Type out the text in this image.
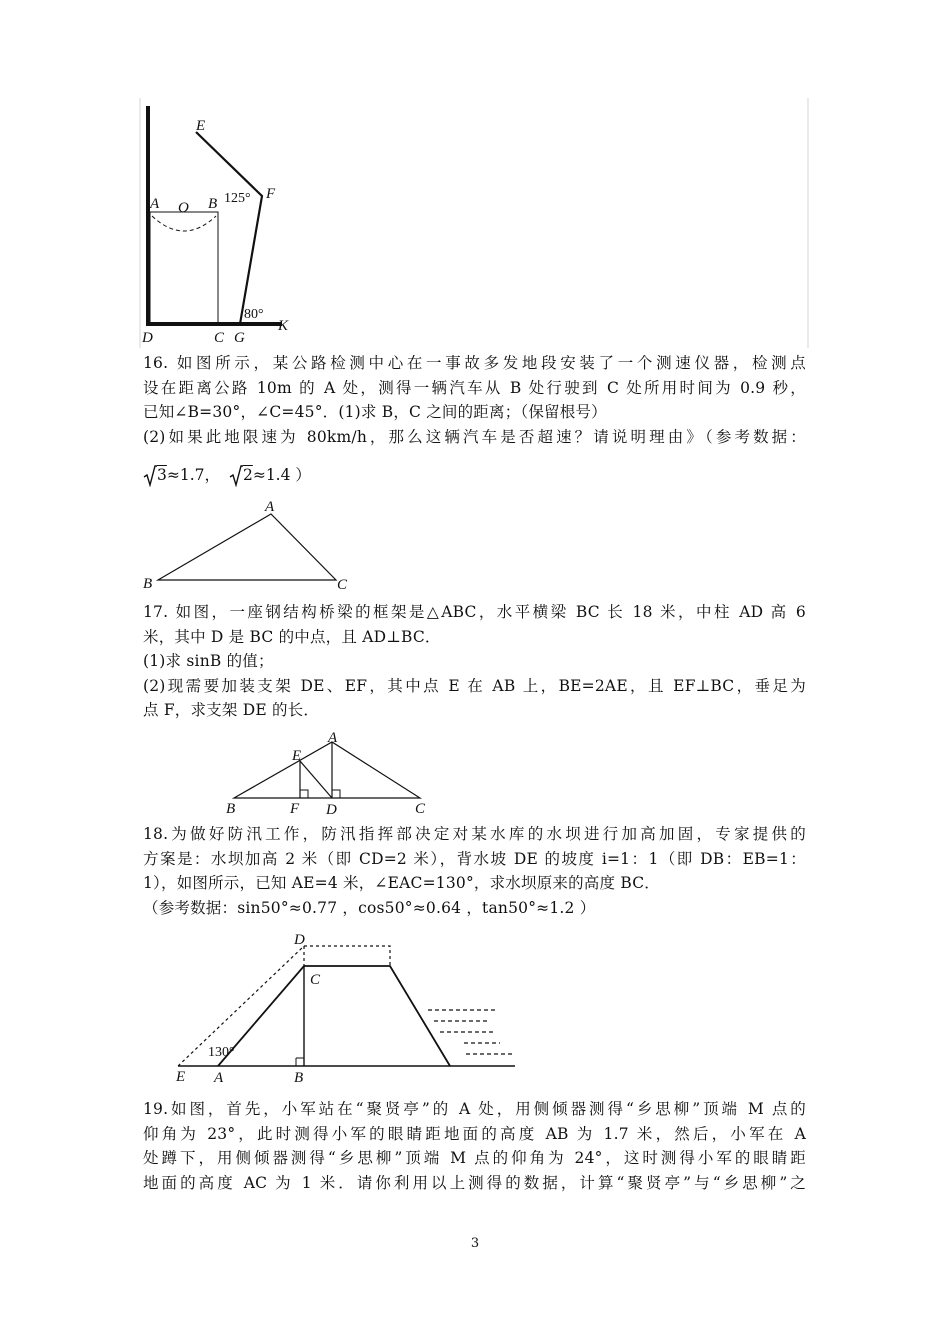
E
F
125°
A O B
80°
D	C G
K
16. 如图所示，某公路检测中心在一事故多发地段安装了一个测速仪器，检测点
设在距离公路 10m 的 A 处，测得一辆汽车从 B 处行驶到 C 处所用时间为 0.9 秒，
已知∠B=30°，∠C=45°．(1)求 B，C 之间的距离；（保留根号）
(2)如果此地限速为 80km/h，那么这辆汽车是否超速？请说明理由》（参考数据：
3≈1.7， 2≈1.4 ）
A
B	C
17. 如图，一座钢结构桥梁的框架是△ABC，水平横梁 BC 长 18 米，中柱 AD 高 6
米，其中 D 是 BC 的中点，且 AD⊥BC．
(1)求 sinB 的值；
(2)现需要加装支架 DE、EF，其中点 E 在 AB 上，BE=2AE，且 EF⊥BC，垂足为
点 F，求支架 DE 的长．
A
E
B	F D	C
18.为做好防汛工作，防汛指挥部决定对某水库的水坝进行加高加固，专家提供的
方案是：水坝加高 2 米（即 CD=2 米），背水坡 DE 的坡度 i=1：1（即 DB：EB=1：
1），如图所示，已知 AE=4 米，∠EAC=130°，求水坝原来的高度 BC．
（参考数据：sin50°≈0.77 ，cos50°≈0.64 ，tan50°≈1.2 ）
D
C
130°
E A	B
19.如图，首先，小军站在“聚贤亭”的 A 处，用侧倾器测得“乡思柳”顶端 M 点的
仰角为 23°，此时测得小军的眼睛距地面的高度 AB 为 1.7 米，然后，小军在 A
处蹲下，用侧倾器测得“乡思柳”顶端 M 点的仰角为 24°，这时测得小军的眼睛距
地面的高度 AC 为 1 米．请你利用以上测得的数据，计算“聚贤亭”与“乡思柳”之
3
